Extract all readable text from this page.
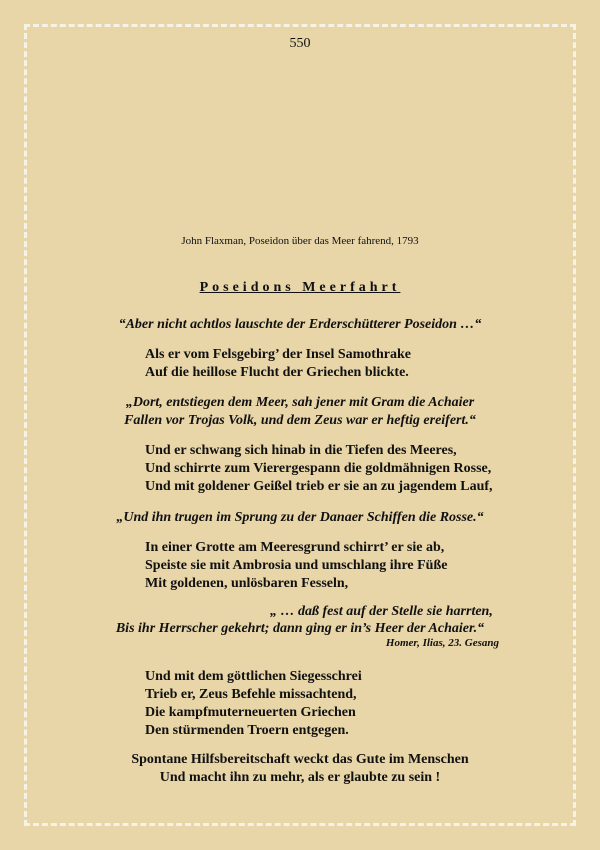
550
John Flaxman, Poseidon über das Meer fahrend, 1793
Poseidons Meerfahrt
“Aber nicht achtlos lauschte der Erderschütterer Poseidon …“
Als er vom Felsgebirg’ der Insel Samothrake
Auf die heillose Flucht der Griechen blickte.
„Dort, entstiegen dem Meer, sah jener mit Gram die Achaier
Fallen vor Trojas Volk, und dem Zeus war er heftig ereifert.“
Und er schwang sich hinab in die Tiefen des Meeres,
Und schirrte zum Vierergespann die goldmähnigen Rosse,
Und mit goldener Geißel trieb er sie an zu jagendem Lauf,
„Und ihn trugen im Sprung zu der Danaer Schiffen die Rosse.“
In einer Grotte am Meeresgrund schirrt’ er sie ab,
Speiste sie mit Ambrosia und umschlang ihre Füße
Mit goldenen, unlösbaren Fesseln,
„ … daß fest auf der Stelle sie harrten,
Bis ihr Herrscher gekehrt; dann ging er in’s Heer der Achaier.“
Homer, Ilias, 23. Gesang
Und mit dem göttlichen Siegesschrei
Trieb er, Zeus Befehle missachtend,
Die kampfmuterneuerten Griechen
Den stürmenden Troern entgegen.
Spontane Hilfsbereitschaft weckt das Gute im Menschen
Und macht ihn zu mehr, als er glaubte zu sein !
